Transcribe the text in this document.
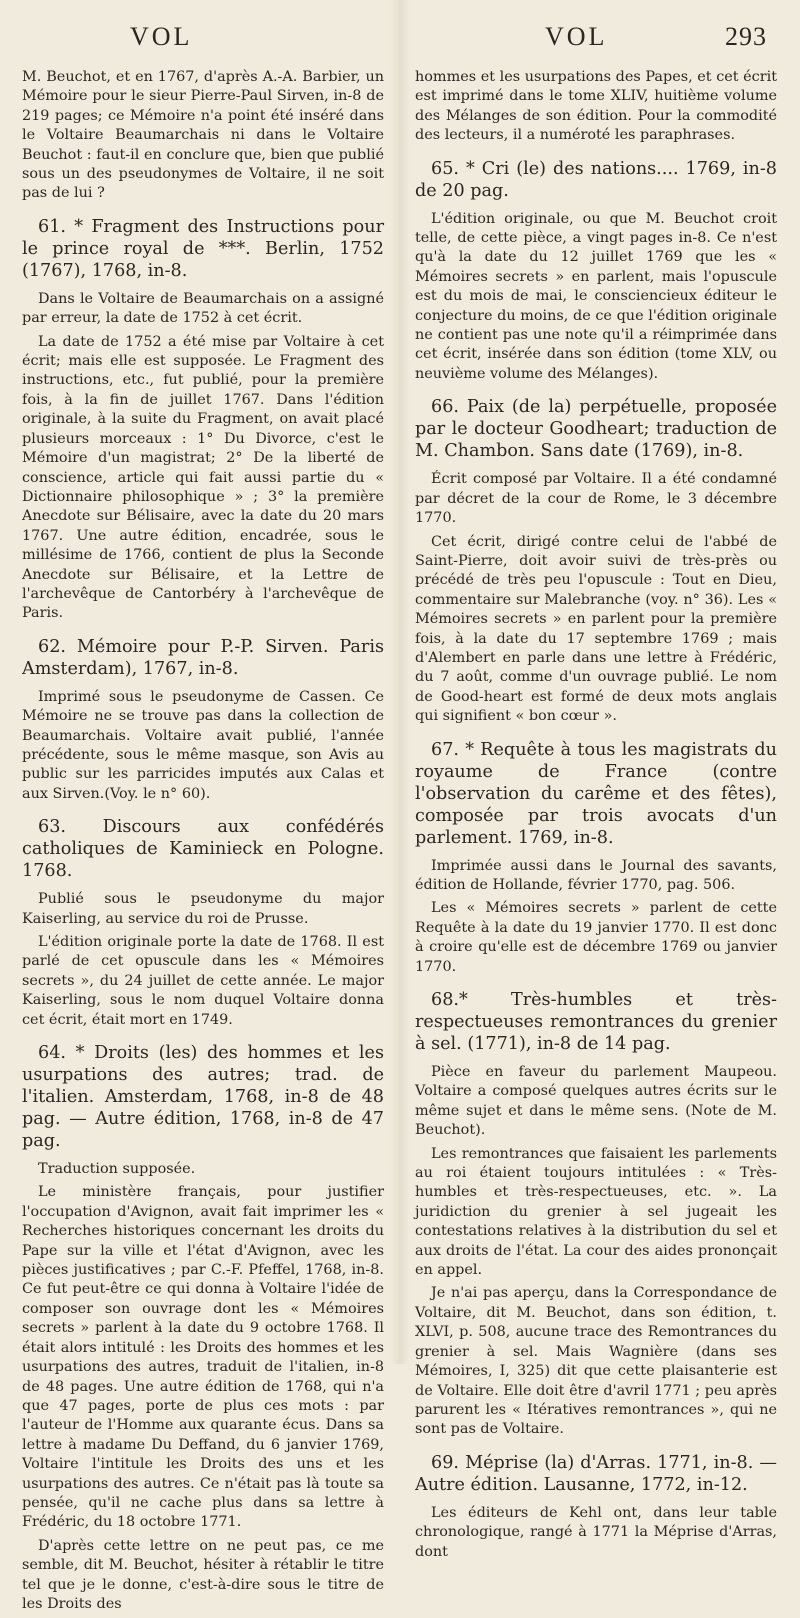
VOL	VOL	293

M. Beuchot, et en 1767, d'après A.-A. Barbier, un Mémoire pour le sieur Pierre-Paul Sirven, in-8 de 219 pages; ce Mémoire n'a point été inséré dans le Voltaire Beaumarchais ni dans le Voltaire Beuchot : faut-il en conclure que, bien que publié sous un des pseudonymes de Voltaire, il ne soit pas de lui ?

61. * Fragment des Instructions pour le prince royal de ***. Berlin, 1752 (1767), 1768, in-8.

Dans le Voltaire de Beaumarchais on a assigné par erreur, la date de 1752 à cet écrit.

La date de 1752 a été mise par Voltaire à cet écrit; mais elle est supposée. Le Fragment des instructions, etc., fut publié, pour la première fois, à la fin de juillet 1767. Dans l'édition originale, à la suite du Fragment, on avait placé plusieurs morceaux : 1° Du Divorce, c'est le Mémoire d'un magistrat; 2° De la liberté de conscience, article qui fait aussi partie du « Dictionnaire philosophique » ; 3° la première Anecdote sur Bélisaire, avec la date du 20 mars 1767. Une autre édition, encadrée, sous le millésime de 1766, contient de plus la Seconde Anecdote sur Bélisaire, et la Lettre de l'archevêque de Cantorbéry à l'archevêque de Paris.

62. Mémoire pour P.-P. Sirven. Paris Amsterdam), 1767, in-8.

Imprimé sous le pseudonyme de Cassen. Ce Mémoire ne se trouve pas dans la collection de Beaumarchais. Voltaire avait publié, l'année précédente, sous le même masque, son Avis au public sur les parricides imputés aux Calas et aux Sirven.(Voy. le n° 60).

63. Discours aux confédérés catholiques de Kaminieck en Pologne. 1768.

Publié sous le pseudonyme du major Kaiserling, au service du roi de Prusse.

L'édition originale porte la date de 1768. Il est parlé de cet opuscule dans les « Mémoires secrets », du 24 juillet de cette année. Le major Kaiserling, sous le nom duquel Voltaire donna cet écrit, était mort en 1749.

64. * Droits (les) des hommes et les usurpations des autres; trad. de l'italien. Amsterdam, 1768, in-8 de 48 pag. — Autre édition, 1768, in-8 de 47 pag.

Traduction supposée.

Le ministère français, pour justifier l'occupation d'Avignon, avait fait imprimer les « Recherches historiques concernant les droits du Pape sur la ville et l'état d'Avignon, avec les pièces justificatives ; par C.-F. Pfeffel, 1768, in-8. Ce fut peut-être ce qui donna à Voltaire l'idée de composer son ouvrage dont les « Mémoires secrets » parlent à la date du 9 octobre 1768. Il était alors intitulé : les Droits des hommes et les usurpations des autres, traduit de l'italien, in-8 de 48 pages. Une autre édition de 1768, qui n'a que 47 pages, porte de plus ces mots : par l'auteur de l'Homme aux quarante écus. Dans sa lettre à madame Du Deffand, du 6 janvier 1769, Voltaire l'intitule les Droits des uns et les usurpations des autres. Ce n'était pas là toute sa pensée, qu'il ne cache plus dans sa lettre à Frédéric, du 18 octobre 1771.

D'après cette lettre on ne peut pas, ce me semble, dit M. Beuchot, hésiter à rétablir le titre tel que je le donne, c'est-à-dire sous le titre de les Droits des

hommes et les usurpations des Papes, et cet écrit est imprimé dans le tome XLIV, huitième volume des Mélanges de son édition. Pour la commodité des lecteurs, il a numéroté les paraphrases.

65. * Cri (le) des nations.... 1769, in-8 de 20 pag.

L'édition originale, ou que M. Beuchot croit telle, de cette pièce, a vingt pages in-8. Ce n'est qu'à la date du 12 juillet 1769 que les « Mémoires secrets » en parlent, mais l'opuscule est du mois de mai, le consciencieux éditeur le conjecture du moins, de ce que l'édition originale ne contient pas une note qu'il a réimprimée dans cet écrit, insérée dans son édition (tome XLV, ou neuvième volume des Mélanges).

66. Paix (de la) perpétuelle, proposée par le docteur Goodheart; traduction de M. Chambon. Sans date (1769), in-8.

Écrit composé par Voltaire. Il a été condamné par décret de la cour de Rome, le 3 décembre 1770.

Cet écrit, dirigé contre celui de l'abbé de Saint-Pierre, doit avoir suivi de très-près ou précédé de très peu l'opuscule : Tout en Dieu, commentaire sur Malebranche (voy. n° 36). Les « Mémoires secrets » en parlent pour la première fois, à la date du 17 septembre 1769 ; mais d'Alembert en parle dans une lettre à Frédéric, du 7 août, comme d'un ouvrage publié. Le nom de Good-heart est formé de deux mots anglais qui signifient « bon cœur ».

67. * Requête à tous les magistrats du royaume de France (contre l'observation du carême et des fêtes), composée par trois avocats d'un parlement. 1769, in-8.

Imprimée aussi dans le Journal des savants, édition de Hollande, février 1770, pag. 506.

Les « Mémoires secrets » parlent de cette Requête à la date du 19 janvier 1770. Il est donc à croire qu'elle est de décembre 1769 ou janvier 1770.

68.* Très-humbles et très-respectueuses remontrances du grenier à sel. (1771), in-8 de 14 pag.

Pièce en faveur du parlement Maupeou. Voltaire a composé quelques autres écrits sur le même sujet et dans le même sens. (Note de M. Beuchot).

Les remontrances que faisaient les parlements au roi étaient toujours intitulées : « Très-humbles et très-respectueuses, etc. ». La juridiction du grenier à sel jugeait les contestations relatives à la distribution du sel et aux droits de l'état. La cour des aides prononçait en appel.

Je n'ai pas aperçu, dans la Correspondance de Voltaire, dit M. Beuchot, dans son édition, t. XLVI, p. 508, aucune trace des Remontrances du grenier à sel. Mais Wagnière (dans ses Mémoires, I, 325) dit que cette plaisanterie est de Voltaire. Elle doit être d'avril 1771 ; peu après parurent les « Itératives remontrances », qui ne sont pas de Voltaire.

69. Méprise (la) d'Arras. 1771, in-8. — Autre édition. Lausanne, 1772, in-12.

Les éditeurs de Kehl ont, dans leur table chronologique, rangé à 1771 la Méprise d'Arras, dont
